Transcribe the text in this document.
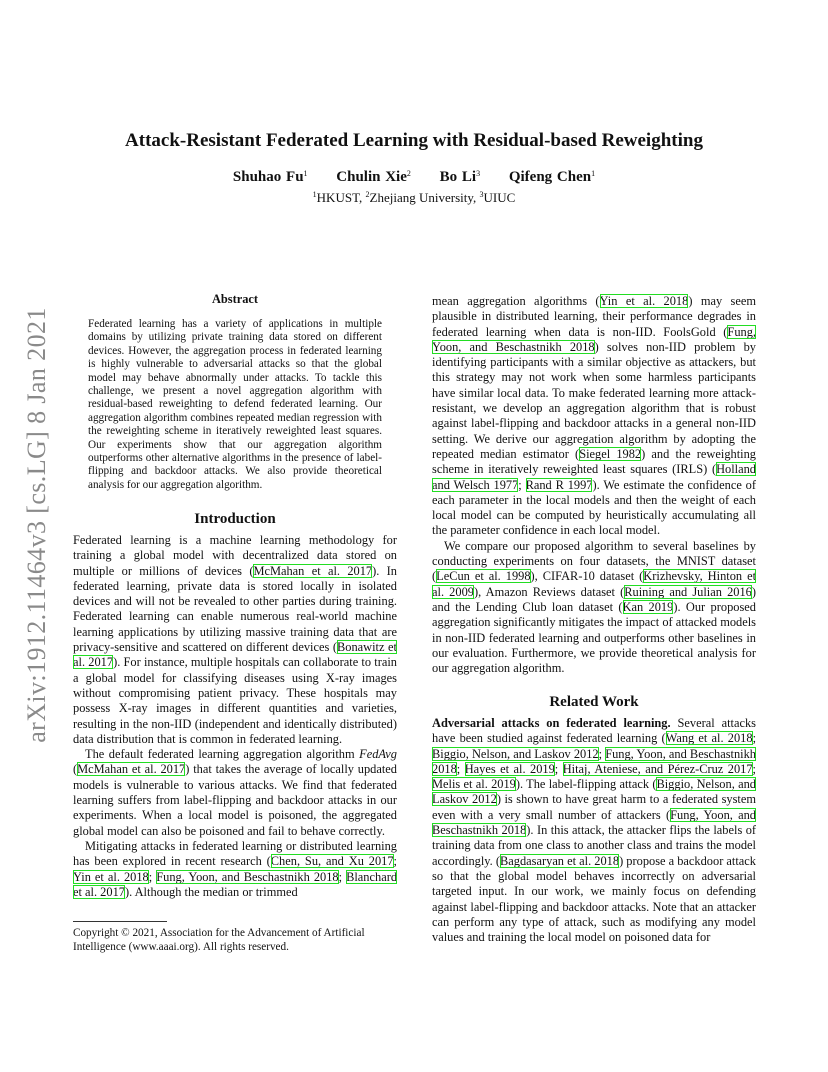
arXiv:1912.11464v3 [cs.LG] 8 Jan 2021
Attack-Resistant Federated Learning with Residual-based Reweighting
Shuhao Fu$^1$ Chulin Xie$^2$ Bo Li$^3$ Qifeng Chen$^1$
$^1$HKUST, $^2$Zhejiang University, $^3$UIUC
Abstract
Federated learning has a variety of applications in multiple domains by utilizing private training data stored on different devices. However, the aggregation process in federated learning is highly vulnerable to adversarial attacks so that the global model may behave abnormally under attacks. To tackle this challenge, we present a novel aggregation algorithm with residual-based reweighting to defend federated learning. Our aggregation algorithm combines repeated median regression with the reweighting scheme in iteratively reweighted least squares. Our experiments show that our aggregation algorithm outperforms other alternative algorithms in the presence of label-flipping and backdoor attacks. We also provide theoretical analysis for our aggregation algorithm.
Introduction

Federated learning is a machine learning methodology for training a global model with decentralized data stored on multiple or millions of devices (McMahan et al. 2017). In federated learning, private data is stored locally in isolated devices and will not be revealed to other parties during training. Federated learning can enable numerous real-world machine learning applications by utilizing massive training data that are privacy-sensitive and scattered on different devices (Bonawitz et al. 2017). For instance, multiple hospitals can collaborate to train a global model for classifying diseases using X-ray images without compromising patient privacy. These hospitals may possess X-ray images in different quantities and varieties, resulting in the non-IID (independent and identically distributed) data distribution that is common in federated learning.

The default federated learning aggregation algorithm FedAvg (McMahan et al. 2017) that takes the average of locally updated models is vulnerable to various attacks. We find that federated learning suffers from label-flipping and backdoor attacks in our experiments. When a local model is poisoned, the aggregated global model can also be poisoned and fail to behave correctly.

Mitigating attacks in federated learning or distributed learning has been explored in recent research (Chen, Su, and Xu 2017; Yin et al. 2018; Fung, Yoon, and Beschastnikh 2018; Blanchard et al. 2017). Although the median or trimmed

Copyright © 2021, Association for the Advancement of Artificial Intelligence (www.aaai.org). All rights reserved.

mean aggregation algorithms (Yin et al. 2018) may seem plausible in distributed learning, their performance degrades in federated learning when data is non-IID. FoolsGold (Fung, Yoon, and Beschastnikh 2018) solves non-IID problem by identifying participants with a similar objective as attackers, but this strategy may not work when some harmless participants have similar local data. To make federated learning more attack-resistant, we develop an aggregation algorithm that is robust against label-flipping and backdoor attacks in a general non-IID setting. We derive our aggregation algorithm by adopting the repeated median estimator (Siegel 1982) and the reweighting scheme in iteratively reweighted least squares (IRLS) (Holland and Welsch 1977; Rand R 1997). We estimate the confidence of each parameter in the local models and then the weight of each local model can be computed by heuristically accumulating all the parameter confidence in each local model.

We compare our proposed algorithm to several baselines by conducting experiments on four datasets, the MNIST dataset (LeCun et al. 1998), CIFAR-10 dataset (Krizhevsky, Hinton et al. 2009), Amazon Reviews dataset (Ruining and Julian 2016) and the Lending Club loan dataset (Kan 2019). Our proposed aggregation significantly mitigates the impact of attacked models in non-IID federated learning and outperforms other baselines in our evaluation. Furthermore, we provide theoretical analysis for our aggregation algorithm.

Related Work

Adversarial attacks on federated learning. Several attacks have been studied against federated learning (Wang et al. 2018; Biggio, Nelson, and Laskov 2012; Fung, Yoon, and Beschastnikh 2018; Hayes et al. 2019; Hitaj, Ateniese, and Pérez-Cruz 2017; Melis et al. 2019). The label-flipping attack (Biggio, Nelson, and Laskov 2012) is shown to have great harm to a federated system even with a very small number of attackers (Fung, Yoon, and Beschastnikh 2018). In this attack, the attacker flips the labels of training data from one class to another class and trains the model accordingly. (Bagdasaryan et al. 2018) propose a backdoor attack so that the global model behaves incorrectly on adversarial targeted input. In our work, we mainly focus on defending against label-flipping and backdoor attacks. Note that an attacker can perform any type of attack, such as modifying any model values and training the local model on poisoned data for
